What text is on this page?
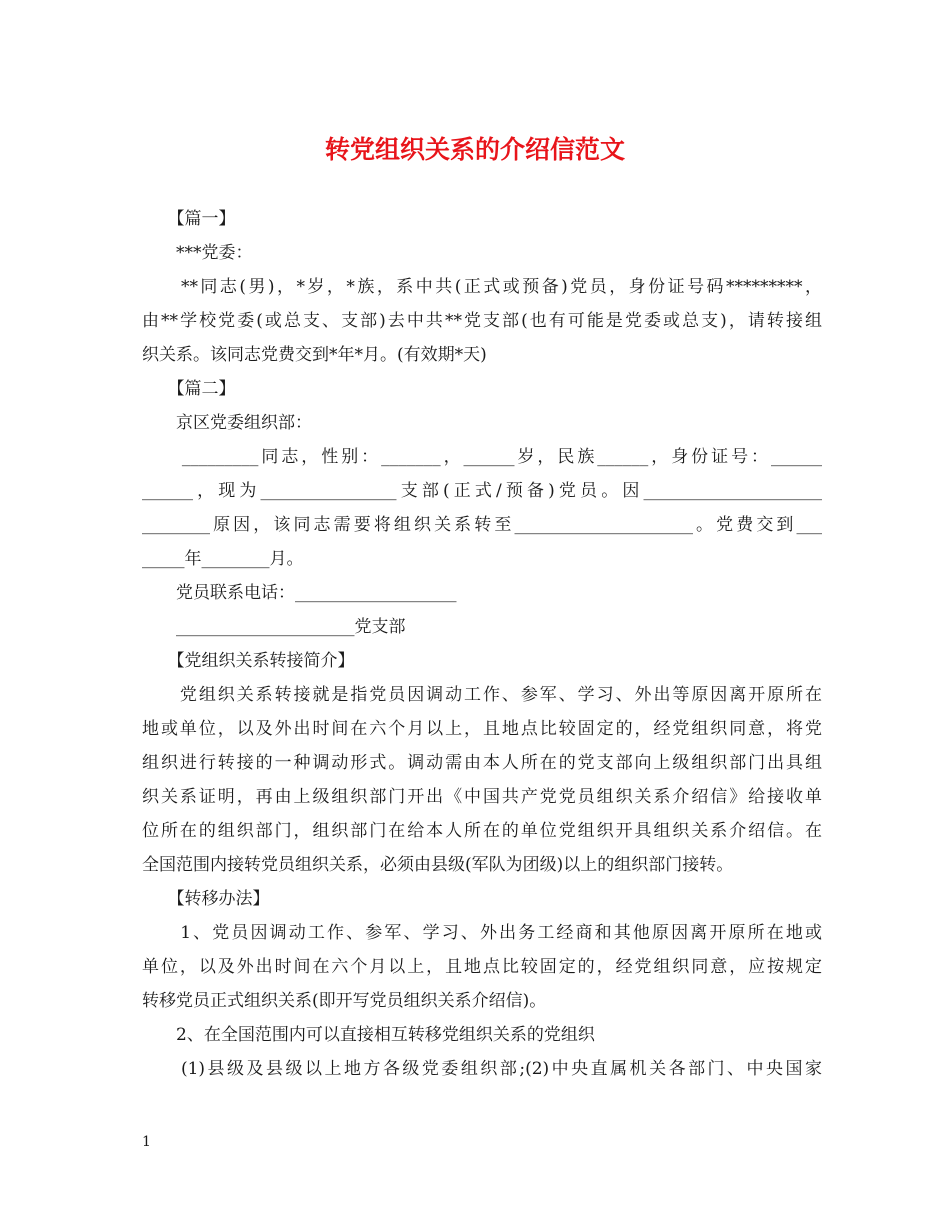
转党组织关系的介绍信范文

　　【篇一】

　　***党委：

　　**同志(男)，*岁，*族，系中共(正式或预备)党员，身份证号码*********，

由**学校党委(或总支、支部)去中共**党支部(也有可能是党委或总支)，请转接组

织关系。该同志党费交到*年*月。(有效期*天)

　　【篇二】

　　京区党委组织部：

　　_________同志，性别：_______，______岁，民族______，身份证号：______

______，现为________________支部(正式/预备)党员。因_____________________

________原因，该同志需要将组织关系转至_____________________。党费交到___

_____年________月。

　　党员联系电话：___________________

　　_____________________党支部

　　【党组织关系转接简介】

　　党组织关系转接就是指党员因调动工作、参军、学习、外出等原因离开原所在

地或单位，以及外出时间在六个月以上，且地点比较固定的，经党组织同意，将党

组织进行转接的一种调动形式。调动需由本人所在的党支部向上级组织部门出具组

织关系证明，再由上级组织部门开出《中国共产党党员组织关系介绍信》给接收单

位所在的组织部门，组织部门在给本人所在的单位党组织开具组织关系介绍信。在

全国范围内接转党员组织关系，必须由县级(军队为团级)以上的组织部门接转。

　　【转移办法】

　　1、党员因调动工作、参军、学习、外出务工经商和其他原因离开原所在地或

单位，以及外出时间在六个月以上，且地点比较固定的，经党组织同意，应按规定

转移党员正式组织关系(即开写党员组织关系介绍信)。

　　2、在全国范围内可以直接相互转移党组织关系的党组织

　　(1)县级及县级以上地方各级党委组织部;(2)中央直属机关各部门、中央国家

1
